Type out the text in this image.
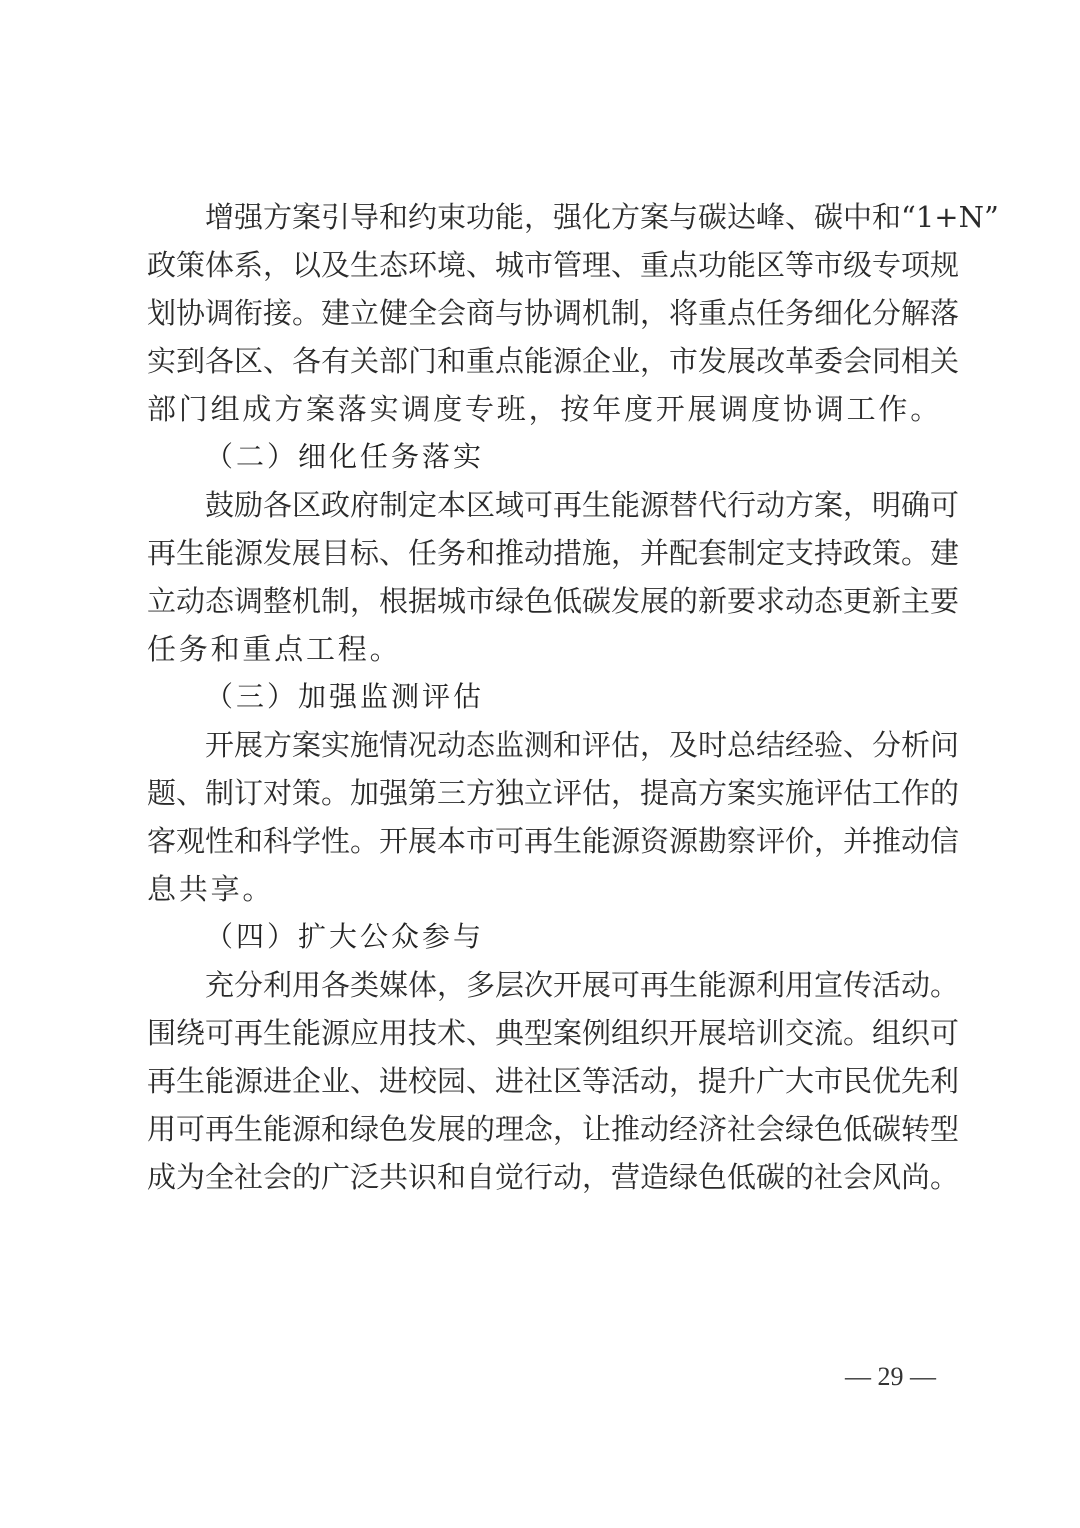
增强方案引导和约束功能，强化方案与碳达峰、碳中和“1+N”
政策体系，以及生态环境、城市管理、重点功能区等市级专项规
划协调衔接。建立健全会商与协调机制，将重点任务细化分解落
实到各区、各有关部门和重点能源企业，市发展改革委会同相关
部门组成方案落实调度专班，按年度开展调度协调工作。
（二）细化任务落实
鼓励各区政府制定本区域可再生能源替代行动方案，明确可
再生能源发展目标、任务和推动措施，并配套制定支持政策。建
立动态调整机制，根据城市绿色低碳发展的新要求动态更新主要
任务和重点工程。
（三）加强监测评估
开展方案实施情况动态监测和评估，及时总结经验、分析问
题、制订对策。加强第三方独立评估，提高方案实施评估工作的
客观性和科学性。开展本市可再生能源资源勘察评价，并推动信
息共享。
（四）扩大公众参与
充分利用各类媒体，多层次开展可再生能源利用宣传活动。
围绕可再生能源应用技术、典型案例组织开展培训交流。组织可
再生能源进企业、进校园、进社区等活动，提升广大市民优先利
用可再生能源和绿色发展的理念，让推动经济社会绿色低碳转型
成为全社会的广泛共识和自觉行动，营造绿色低碳的社会风尚。
— 29 —
